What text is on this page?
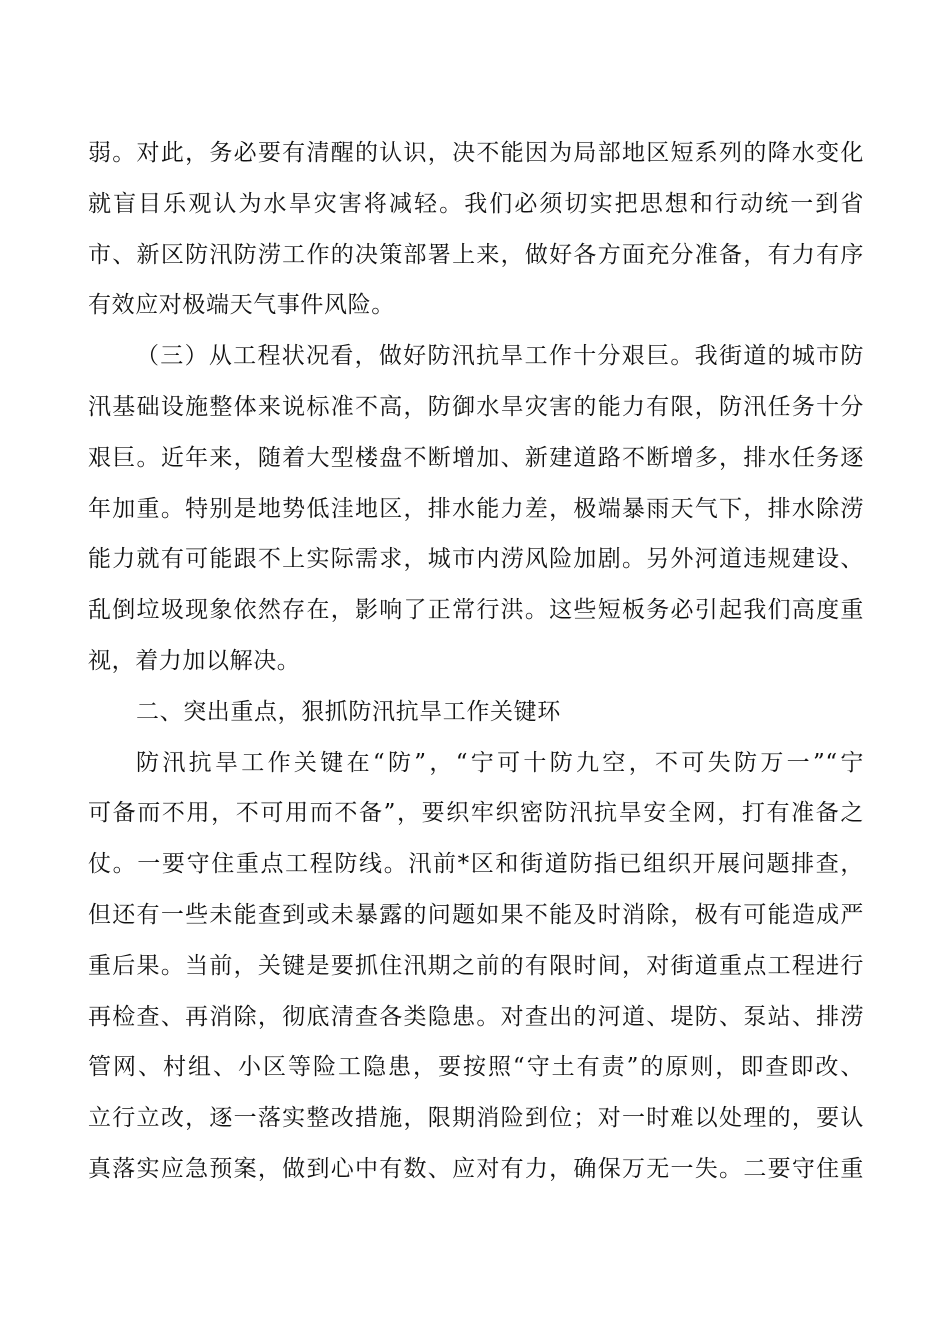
弱。对此，务必要有清醒的认识，决不能因为局部地区短系列的降水变化
就盲目乐观认为水旱灾害将减轻。我们必须切实把思想和行动统一到省
市、新区防汛防涝工作的决策部署上来，做好各方面充分准备，有力有序
有效应对极端天气事件风险。
（三）从工程状况看，做好防汛抗旱工作十分艰巨。我街道的城市防
汛基础设施整体来说标准不高，防御水旱灾害的能力有限，防汛任务十分
艰巨。近年来，随着大型楼盘不断增加、新建道路不断增多，排水任务逐
年加重。特别是地势低洼地区，排水能力差，极端暴雨天气下，排水除涝
能力就有可能跟不上实际需求，城市内涝风险加剧。另外河道违规建设、
乱倒垃圾现象依然存在，影响了正常行洪。这些短板务必引起我们高度重
视，着力加以解决。
二、突出重点，狠抓防汛抗旱工作关键环
防汛抗旱工作关键在“防”，“宁可十防九空，不可失防万一”“宁
可备而不用，不可用而不备”，要织牢织密防汛抗旱安全网，打有准备之
仗。一要守住重点工程防线。汛前*区和街道防指已组织开展问题排查，
但还有一些未能查到或未暴露的问题如果不能及时消除，极有可能造成严
重后果。当前，关键是要抓住汛期之前的有限时间，对街道重点工程进行
再检查、再消除，彻底清查各类隐患。对查出的河道、堤防、泵站、排涝
管网、村组、小区等险工隐患，要按照“守土有责”的原则，即查即改、
立行立改，逐一落实整改措施，限期消险到位；对一时难以处理的，要认
真落实应急预案，做到心中有数、应对有力，确保万无一失。二要守住重
